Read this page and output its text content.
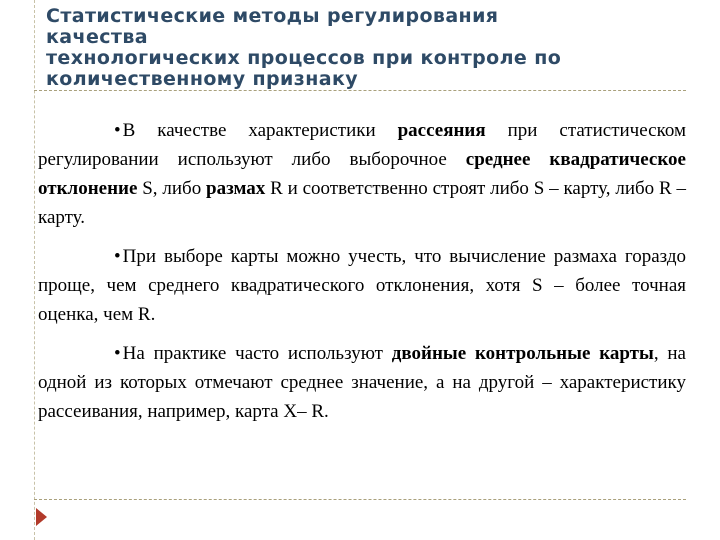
Статистические методы регулирования
качества
технологических процессов при контроле по
количественному признаку

• В качестве характеристики рассеяния при статистическом регулировании используют либо выборочное среднее квадратическое отклонение S, либо размах R и соответственно строят либо S – карту, либо R – карту.

• При выборе карты можно учесть, что вычисление размаха гораздо проще, чем среднего квадратического отклонения, хотя S – более точная оценка, чем R.

• На практике часто используют двойные контрольные карты, на одной из которых отмечают среднее значение, а на другой – характеристику рассеивания, например, карта X– R.
